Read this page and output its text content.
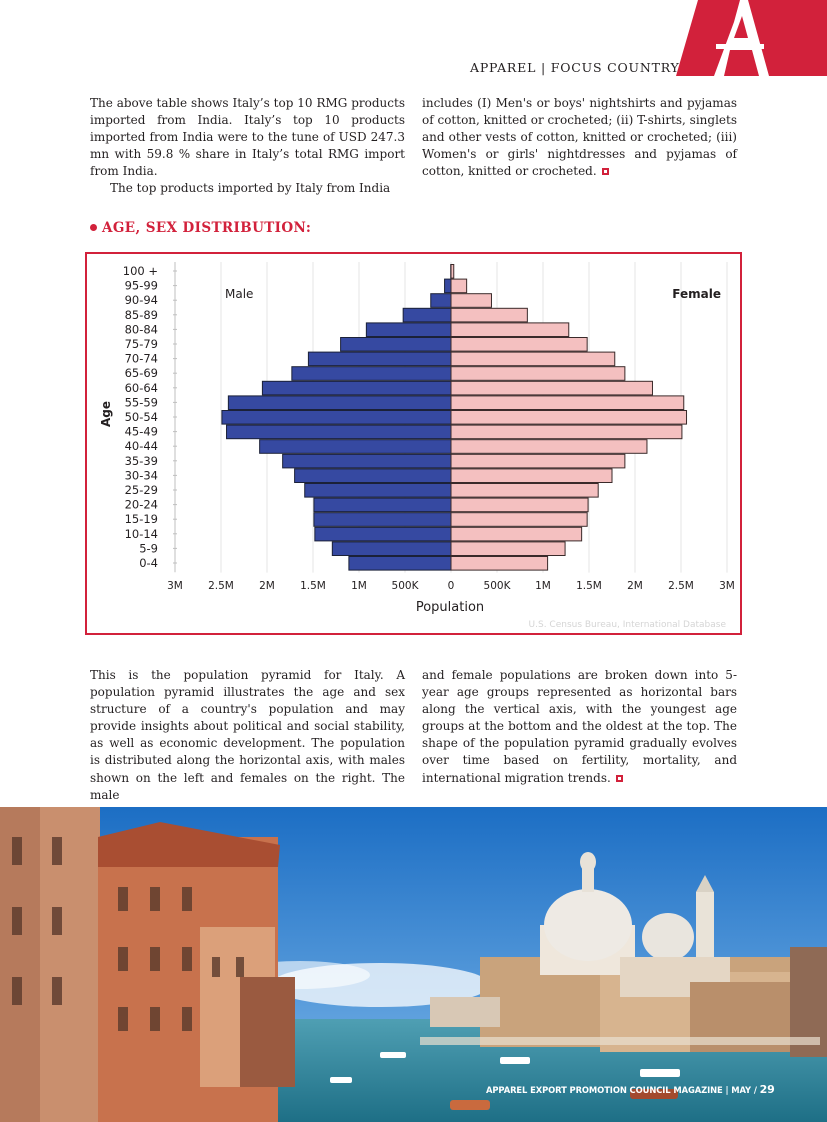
APPAREL | FOCUS COUNTRY

The above table shows Italy’s top 10 RMG products imported from India. Italy’s top 10 products imported from India were to the tune of USD 247.3 mn with 59.8 % share in Italy’s total RMG import from India.

The top products imported by Italy from India

includes (I) Men's or boys' nightshirts and pyjamas of cotton, knitted or crocheted; (ii) T-shirts, singlets and other vests of cotton, knitted or crocheted; (iii) Women's or girls' nightdresses and pyjamas of cotton, knitted or crocheted.

AGE, SEX DISTRIBUTION:
100 +
95-99
90-94
85-89
80-84
75-79
70-74
65-69
60-64
55-59
50-54
45-49
40-44
35-39
30-34
25-29
20-24
15-19
10-14
5-9
0-4
3M 2.5M 2M 1.5M 1M 500K	0	500K 1M 1.5M 2M 2.5M 3M
Male	Female
Age
Population
U.S. Census Bureau, International Database

This is the population pyramid for Italy. A population pyramid illustrates the age and sex structure of a country's population and may provide insights about political and social stability, as well as economic development. The population is distributed along the horizontal axis, with males shown on the left and females on the right. The male

and female populations are broken down into 5-year age groups represented as horizontal bars along the vertical axis, with the youngest age groups at the bottom and the oldest at the top. The shape of the population pyramid gradually evolves over time based on fertility, mortality, and international migration trends.

APPAREL EXPORT PROMOTION COUNCIL MAGAZINE | MAY / 29
